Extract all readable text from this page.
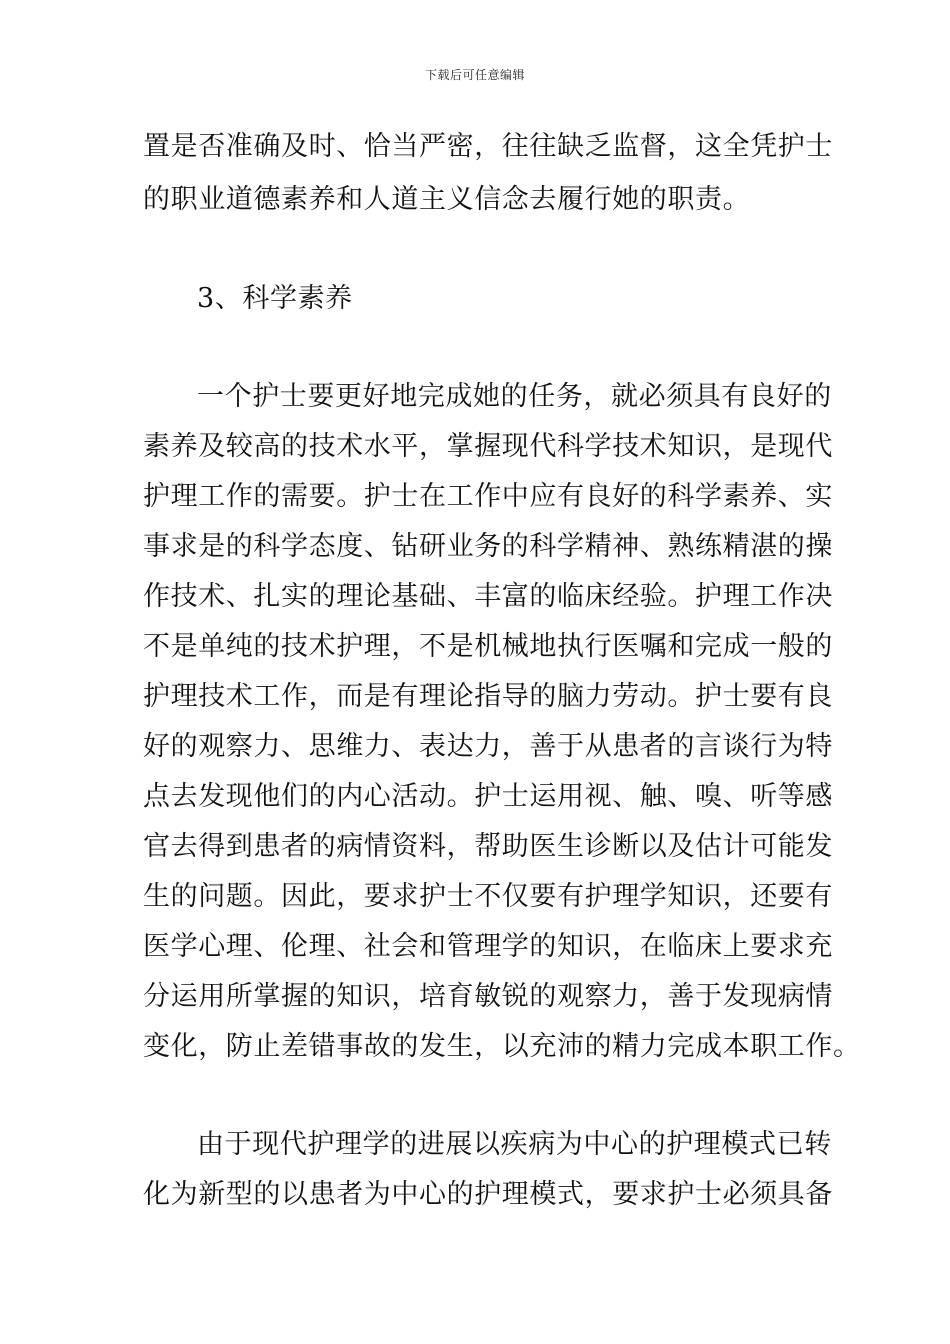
下载后可任意编辑

置是否准确及时、恰当严密，往往缺乏监督，这全凭护士

的职业道德素养和人道主义信念去履行她的职责。

3、科学素养

一个护士要更好地完成她的任务，就必须具有良好的

素养及较高的技术水平，掌握现代科学技术知识，是现代

护理工作的需要。护士在工作中应有良好的科学素养、实

事求是的科学态度、钻研业务的科学精神、熟练精湛的操

作技术、扎实的理论基础、丰富的临床经验。护理工作决

不是单纯的技术护理，不是机械地执行医嘱和完成一般的

护理技术工作，而是有理论指导的脑力劳动。护士要有良

好的观察力、思维力、表达力，善于从患者的言谈行为特

点去发现他们的内心活动。护士运用视、触、嗅、听等感

官去得到患者的病情资料，帮助医生诊断以及估计可能发

生的问题。因此，要求护士不仅要有护理学知识，还要有

医学心理、伦理、社会和管理学的知识，在临床上要求充

分运用所掌握的知识，培育敏锐的观察力，善于发现病情

变化，防止差错事故的发生，以充沛的精力完成本职工作。

由于现代护理学的进展以疾病为中心的护理模式已转

化为新型的以患者为中心的护理模式，要求护士必须具备
